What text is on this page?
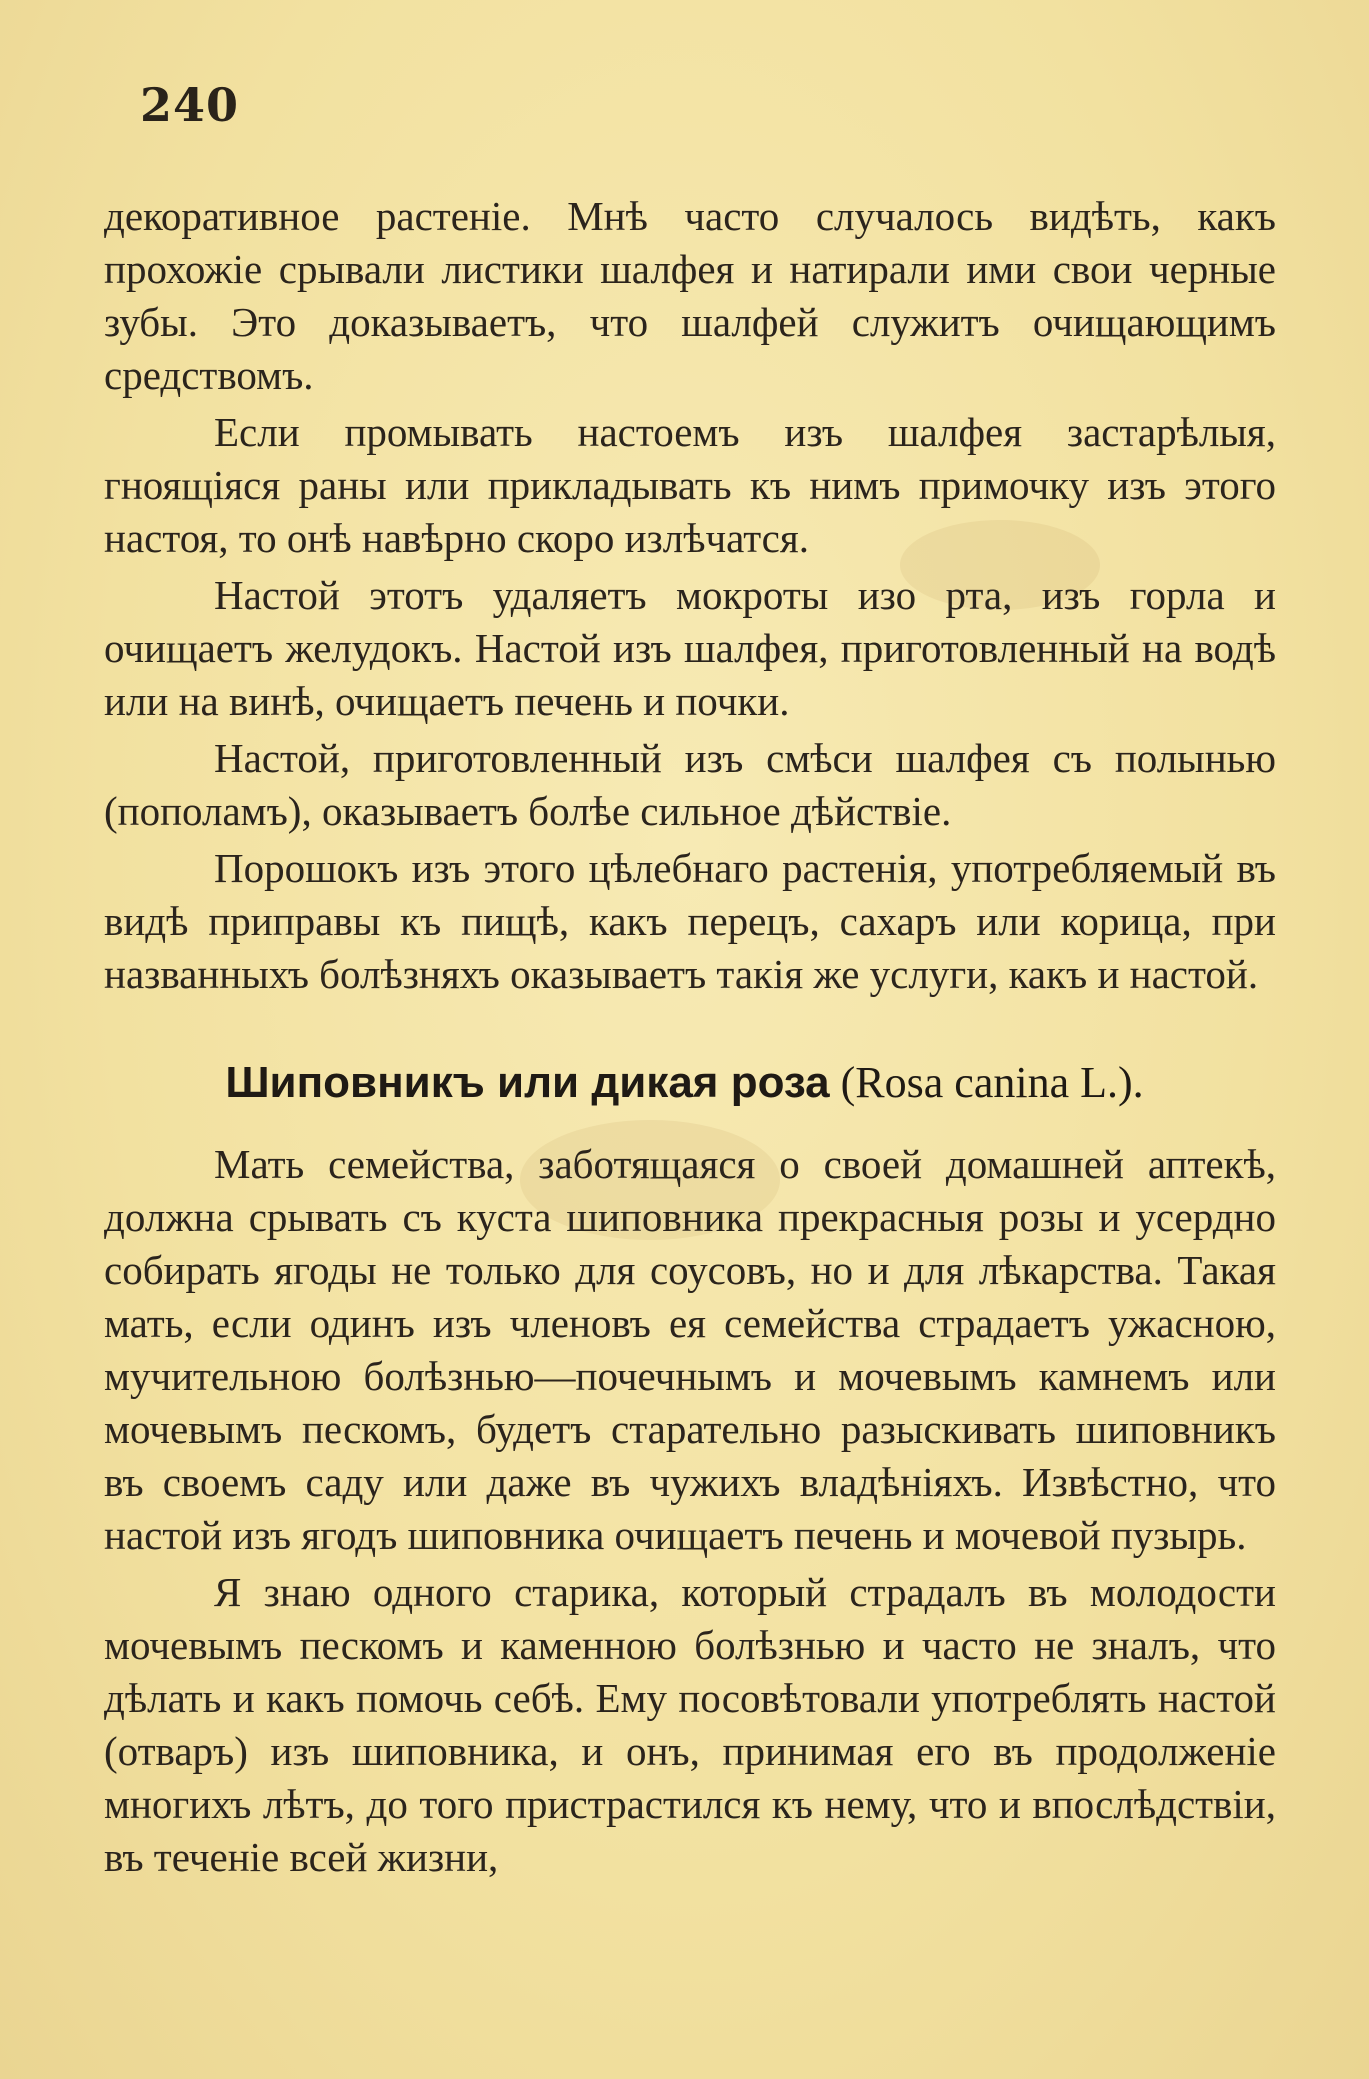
240

декоративное растеніе. Мнѣ часто случалось видѣть, какъ прохожіе срывали листики шалфея и натирали ими свои черные зубы. Это доказываетъ, что шалфей служитъ очищающимъ средствомъ.

Если промывать настоемъ изъ шалфея застарѣлыя, гноящіяся раны или прикладывать къ нимъ примочку изъ этого настоя, то онѣ навѣрно скоро излѣчатся.

Настой этотъ удаляетъ мокроты изо рта, изъ горла и очищаетъ желудокъ. Настой изъ шалфея, приготовленный на водѣ или на винѣ, очищаетъ печень и почки.

Настой, приготовленный изъ смѣси шалфея съ полынью (пополамъ), оказываетъ болѣе сильное дѣйствіе.

Порошокъ изъ этого цѣлебнаго растенія, употребляемый въ видѣ приправы къ пищѣ, какъ перецъ, сахаръ или корица, при названныхъ болѣзняхъ оказываетъ такія же услуги, какъ и настой.

Шиповникъ или дикая роза (Rosa canina L.).

Мать семейства, заботящаяся о своей домашней аптекѣ, должна срывать съ куста шиповника прекрасныя розы и усердно собирать ягоды не только для соусовъ, но и для лѣкарства. Такая мать, если одинъ изъ членовъ ея семейства страдаетъ ужасною, мучительною болѣзнью—почечнымъ и мочевымъ камнемъ или мочевымъ пескомъ, будетъ старательно разыскивать шиповникъ въ своемъ саду или даже въ чужихъ владѣніяхъ. Извѣстно, что настой изъ ягодъ шиповника очищаетъ печень и мочевой пузырь.

Я знаю одного старика, который страдалъ въ молодости мочевымъ пескомъ и каменною болѣзнью и часто не зналъ, что дѣлать и какъ помочь себѣ. Ему посовѣтовали употреблять настой (отваръ) изъ шиповника, и онъ, принимая его въ продолженіе многихъ лѣтъ, до того пристрастился къ нему, что и впослѣдствіи, въ теченіе всей жизни,
